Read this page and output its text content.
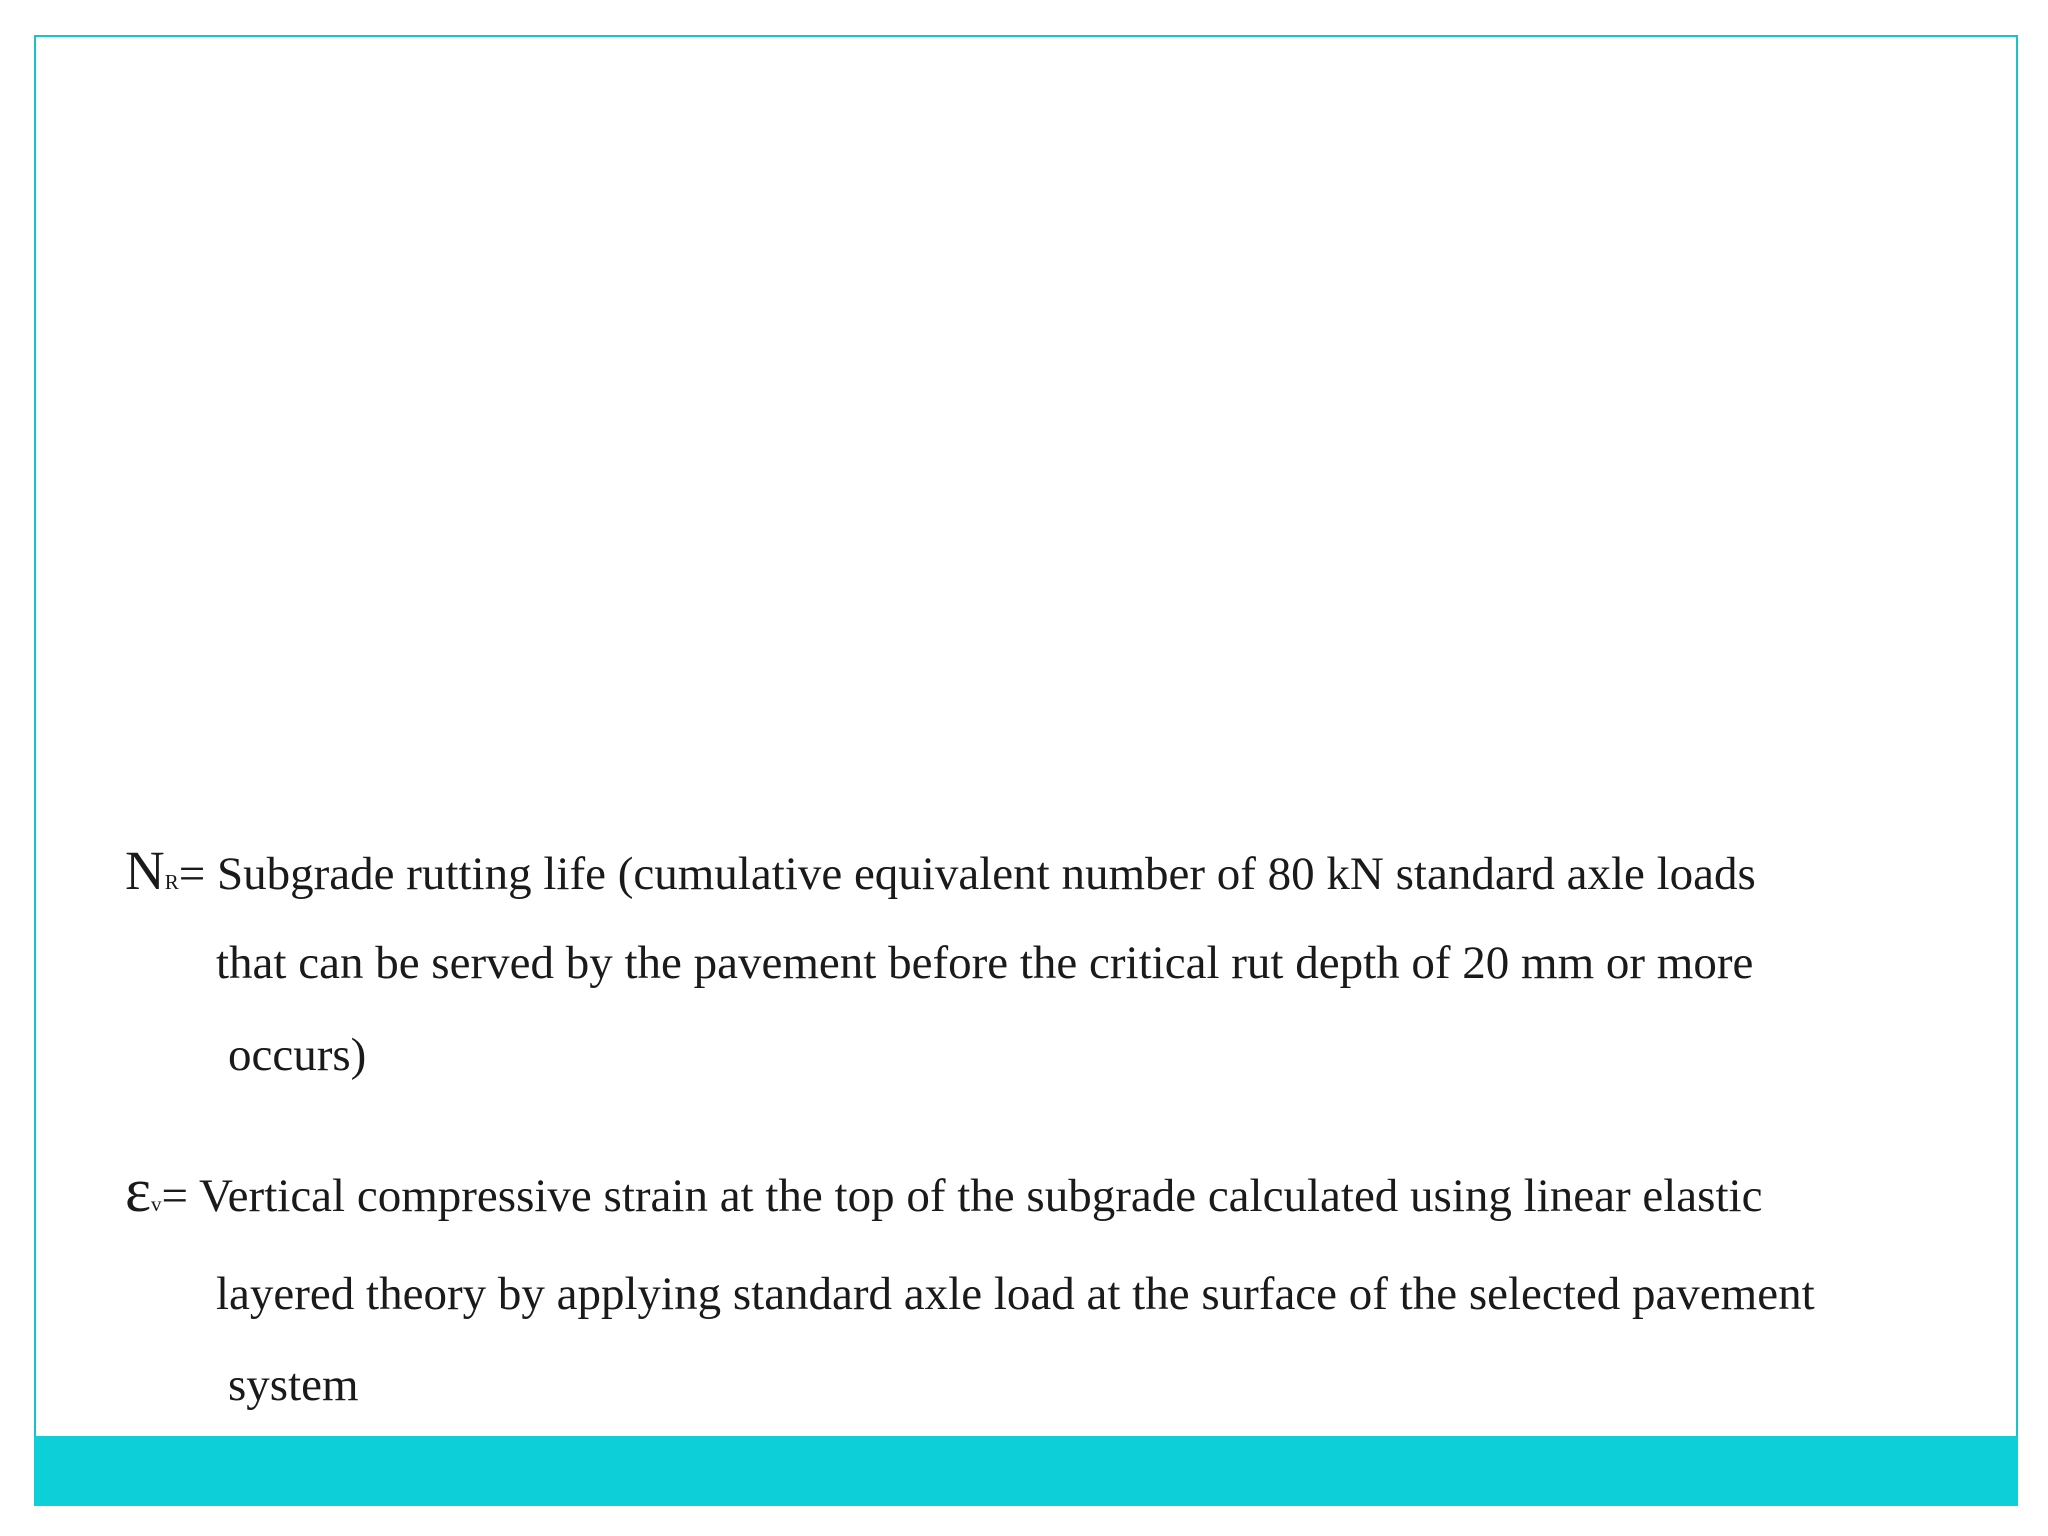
NR= Subgrade rutting life (cumulative equivalent number of 80 kN standard axle loads
that can be served by the pavement before the critical rut depth of 20 mm or more
occurs)
εv= Vertical compressive strain at the top of the subgrade calculated using linear elastic
layered theory by applying standard axle load at the surface of the selected pavement
system
